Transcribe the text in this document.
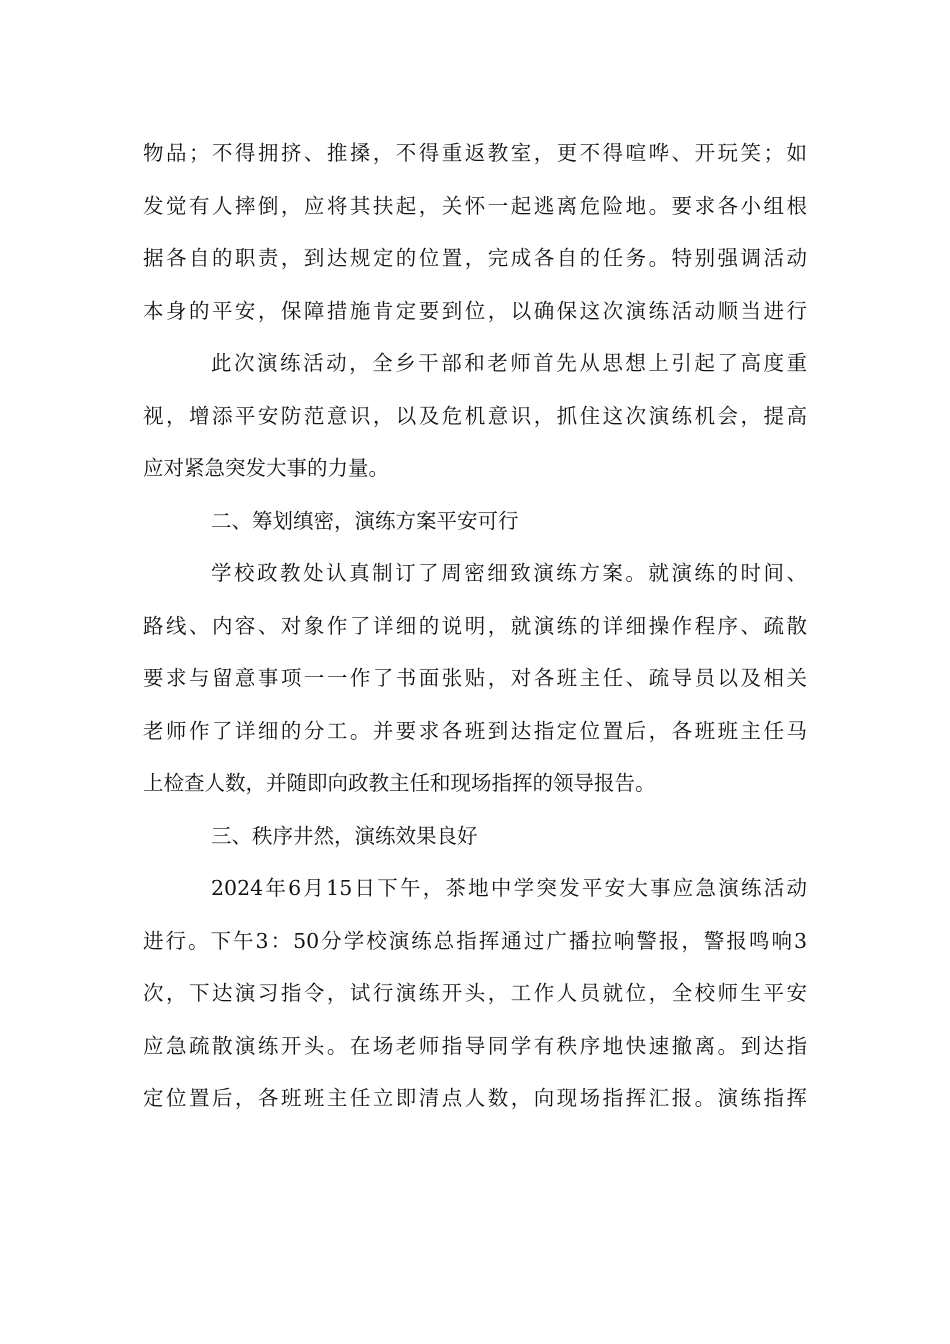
物品；不得拥挤、推搡，不得重返教室，更不得喧哗、开玩笑；如
发觉有人摔倒，应将其扶起，关怀一起逃离危险地。要求各小组根
据各自的职责，到达规定的位置，完成各自的任务。特别强调活动
本身的平安，保障措施肯定要到位，以确保这次演练活动顺当进行
此次演练活动，全乡干部和老师首先从思想上引起了高度重
视，增添平安防范意识，以及危机意识，抓住这次演练机会，提高
应对紧急突发大事的力量。
二、筹划缜密，演练方案平安可行
学校政教处认真制订了周密细致演练方案。就演练的时间、
路线、内容、对象作了详细的说明，就演练的详细操作程序、疏散
要求与留意事项一一作了书面张贴，对各班主任、疏导员以及相关
老师作了详细的分工。并要求各班到达指定位置后，各班班主任马
上检查人数，并随即向政教主任和现场指挥的领导报告。
三、秩序井然，演练效果良好
2024年6月15日下午，茶地中学突发平安大事应急演练活动
进行。下午3：50分学校演练总指挥通过广播拉响警报，警报鸣响3
次，下达演习指令，试行演练开头，工作人员就位，全校师生平安
应急疏散演练开头。在场老师指导同学有秩序地快速撤离。到达指
定位置后，各班班主任立即清点人数，向现场指挥汇报。演练指挥
